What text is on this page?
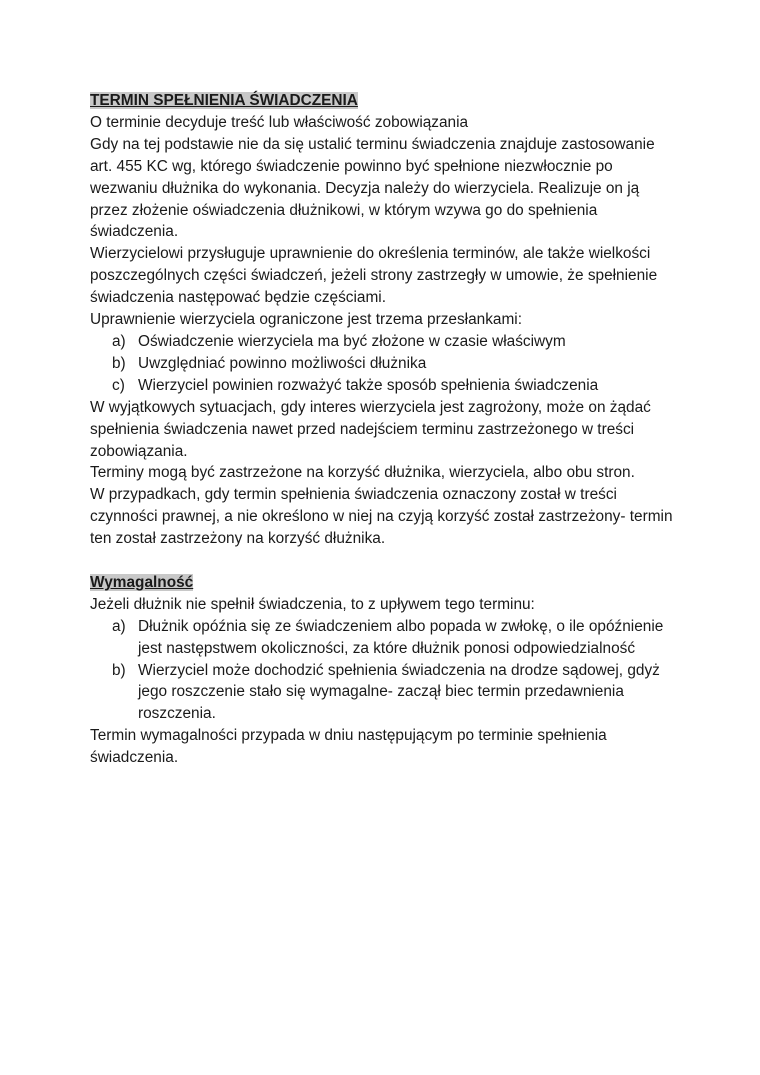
TERMIN SPEŁNIENIA ŚWIADCZENIA

O terminie decyduje treść lub właściwość zobowiązania

Gdy na tej podstawie nie da się ustalić terminu świadczenia znajduje zastosowanie art. 455 KC wg, którego świadczenie powinno być spełnione niezwłocznie po wezwaniu dłużnika do wykonania. Decyzja należy do wierzyciela. Realizuje on ją przez złożenie oświadczenia dłużnikowi, w którym wzywa go do spełnienia świadczenia.

Wierzycielowi przysługuje uprawnienie do określenia terminów, ale także wielkości poszczególnych części świadczeń, jeżeli strony zastrzegły w umowie, że spełnienie świadczenia następować będzie częściami.

Uprawnienie wierzyciela ograniczone jest trzema przesłankami:

a) Oświadczenie wierzyciela ma być złożone w czasie właściwym
b) Uwzględniać powinno możliwości dłużnika
c) Wierzyciel powinien rozważyć także sposób spełnienia świadczenia

W wyjątkowych sytuacjach, gdy interes wierzyciela jest zagrożony, może on żądać spełnienia świadczenia nawet przed nadejściem terminu zastrzeżonego w treści zobowiązania.

Terminy mogą być zastrzeżone na korzyść dłużnika, wierzyciela, albo obu stron.

W przypadkach, gdy termin spełnienia świadczenia oznaczony został w treści czynności prawnej, a nie określono w niej na czyją korzyść został zastrzeżony- termin ten został zastrzeżony na korzyść dłużnika.

Wymagalność

Jeżeli dłużnik nie spełnił świadczenia, to z upływem tego terminu:

a) Dłużnik opóźnia się ze świadczeniem albo popada w zwłokę, o ile opóźnienie jest następstwem okoliczności, za które dłużnik ponosi odpowiedzialność
b) Wierzyciel może dochodzić spełnienia świadczenia na drodze sądowej, gdyż jego roszczenie stało się wymagalne- zaczął biec termin przedawnienia roszczenia.

Termin wymagalności przypada w dniu następującym po terminie spełnienia świadczenia.
